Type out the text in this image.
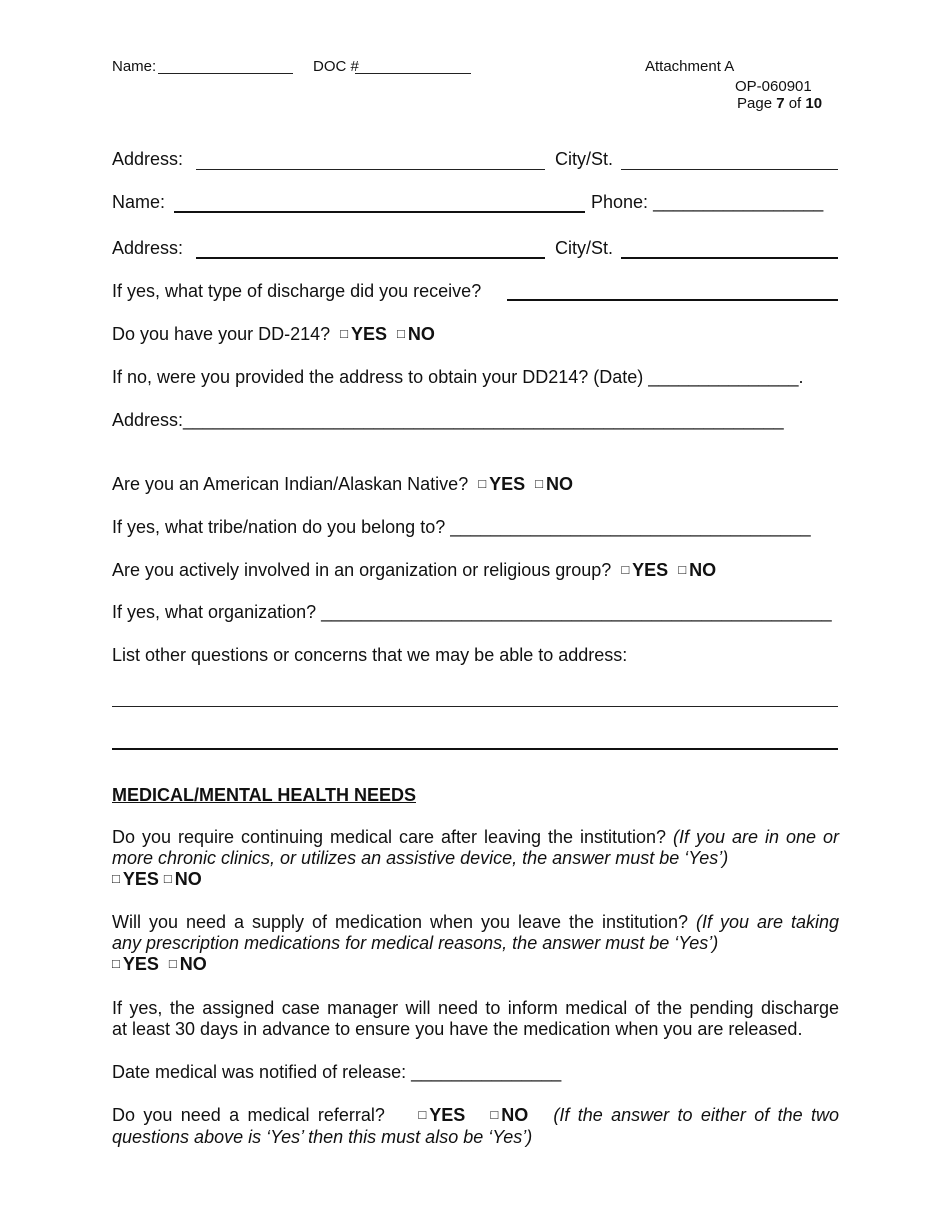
Name:	DOC #	Attachment A
OP-060901
Page 7 of 10
Address:	City/St.
Name:	Phone: _________________
Address:	City/St.
If yes, what type of discharge did you receive?
Do you have your DD-214? □ YES □ NO
If no, were you provided the address to obtain your DD214? (Date) _______________.
Address:____________________________________________________________
Are you an American Indian/Alaskan Native? □ YES □ NO
If yes, what tribe/nation do you belong to? ____________________________________
Are you actively involved in an organization or religious group? □ YES □ NO
If yes, what organization? ___________________________________________________
List other questions or concerns that we may be able to address:
MEDICAL/MENTAL HEALTH NEEDS
Do you require continuing medical care after leaving the institution? (If you are in one or
more chronic clinics, or utilizes an assistive device, the answer must be ‘Yes’)
□ YES □ NO
Will you need a supply of medication when you leave the institution? (If you are taking
any prescription medications for medical reasons, the answer must be ‘Yes’)
□ YES □ NO
If yes, the assigned case manager will need to inform medical of the pending discharge
at least 30 days in advance to ensure you have the medication when you are released.
Date medical was notified of release: _______________
Do you need a medical referral?	□ YES □ NO (If the answer to either of the two
questions above is ‘Yes’ then this must also be ‘Yes’)
